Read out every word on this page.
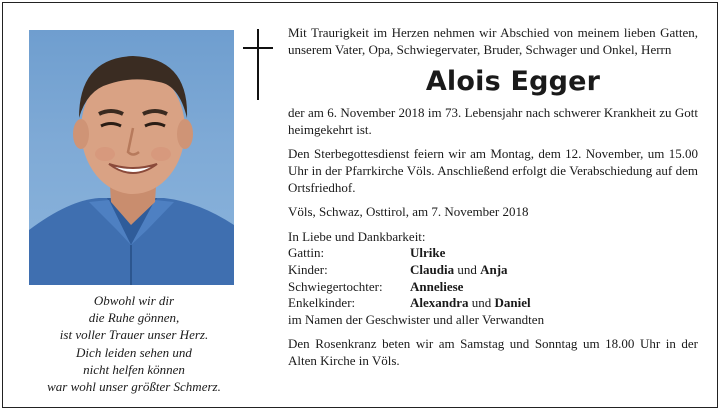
Obwohl wir dir
die Ruhe gönnen,
ist voller Trauer unser Herz.
Dich leiden sehen und
nicht helfen können
war wohl unser größter Schmerz.

Mit Traurigkeit im Herzen nehmen wir Abschied von meinem lieben Gatten, unserem Vater, Opa, Schwiegervater, Bruder, Schwager und Onkel, Herrn

Alois Egger

der am 6. November 2018 im 73. Lebensjahr nach schwerer Krankheit zu Gott heimgekehrt ist.

Den Sterbegottesdienst feiern wir am Montag, dem 12. November, um 15.00 Uhr in der Pfarrkirche Völs. Anschließend erfolgt die Verabschiedung auf dem Ortsfriedhof.

Völs, Schwaz, Osttirol, am 7. November 2018

In Liebe und Dankbarkeit:

Gattin:	Ulrike
Kinder:	Claudia und Anja
Schwiegertochter:	Anneliese
Enkelkinder:	Alexandra und Daniel

im Namen der Geschwister und aller Verwandten

Den Rosenkranz beten wir am Samstag und Sonntag um 18.00 Uhr in der Alten Kirche in Völs.
